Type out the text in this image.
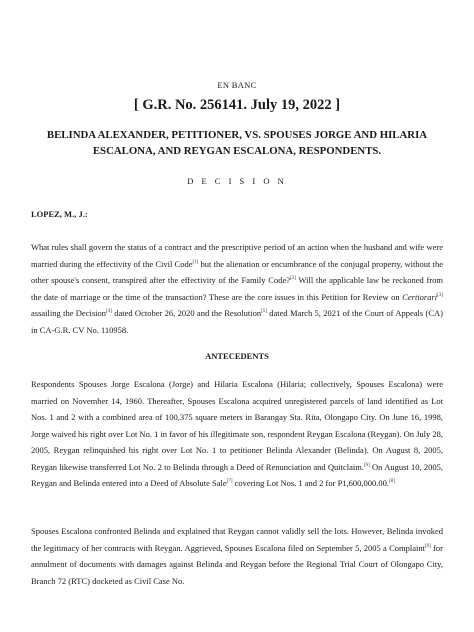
EN BANC
[ G.R. No. 256141. July 19, 2022 ]
BELINDA ALEXANDER, PETITIONER, VS. SPOUSES JORGE AND HILARIA ESCALONA, AND REYGAN ESCALONA, RESPONDENTS.
D E C I S I O N
LOPEZ, M., J.:
What rules shall govern the status of a contract and the prescriptive period of an action when the husband and wife were married during the effectivity of the Civil Code[1] but the alienation or encumbrance of the conjugal property, without the other spouse's consent, transpired after the effectivity of the Family Code?[2] Will the applicable law be reckoned from the date of marriage or the time of the transaction? These are the core issues in this Petition for Review on Certiorari[3] assailing the Decision[4] dated October 26, 2020 and the Resolution[5] dated March 5, 2021 of the Court of Appeals (CA) in CA-G.R. CV No. 110958.
ANTECEDENTS
Respondents Spouses Jorge Escalona (Jorge) and Hilaria Escalona (Hilaria; collectively, Spouses Escalona) were married on November 14, 1960. Thereafter, Spouses Escalona acquired unregistered parcels of land identified as Lot Nos. 1 and 2 with a combined area of 100,375 square meters in Barangay Sta. Rita, Olongapo City. On June 16, 1998, Jorge waived his right over Lot No. 1 in favor of his illegitimate son, respondent Reygan Escalona (Reygan). On July 28, 2005, Reygan relinquished his right over Lot No. 1 to petitioner Belinda Alexander (Belinda). On August 8, 2005, Reygan likewise transferred Lot No. 2 to Belinda through a Deed of Renunciation and Quitclaim.[6] On August 10, 2005, Reygan and Belinda entered into a Deed of Absolute Sale[7] covering Lot Nos. 1 and 2 for P1,600,000.00.[8]
Spouses Escalona confronted Belinda and explained that Reygan cannot validly sell the lots. However, Belinda invoked the legitimacy of her contracts with Reygan. Aggrieved, Spouses Escalona filed on September 5, 2005 a Complaint[9] for annulment of documents with damages against Belinda and Reygan before the Regional Trial Court of Olongapo City, Branch 72 (RTC) docketed as Civil Case No.
